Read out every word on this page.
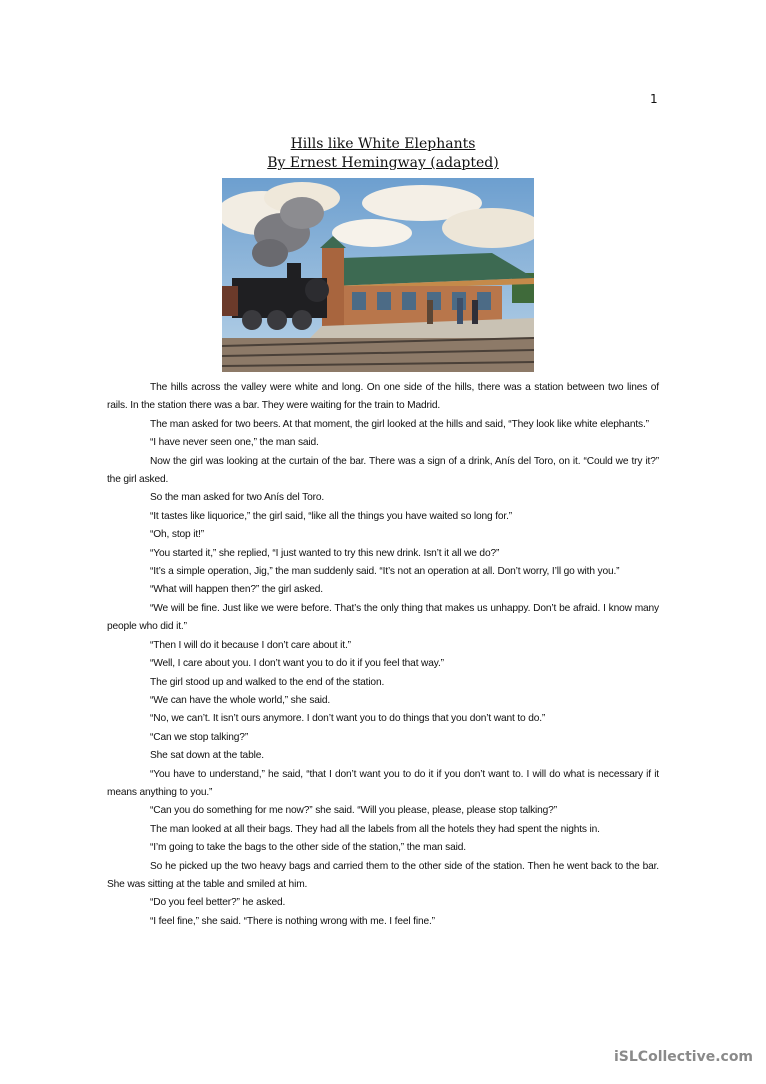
1
Hills like White Elephants
By Ernest Hemingway (adapted)

The hills across the valley were white and long. On one side of the hills, there was a station between two lines of rails. In the station there was a bar. They were waiting for the train to Madrid.

The man asked for two beers. At that moment, the girl looked at the hills and said, “They look like white elephants.”

“I have never seen one,” the man said.

Now the girl was looking at the curtain of the bar. There was a sign of a drink, Anís del Toro, on it. “Could we try it?” the girl asked.

So the man asked for two Anís del Toro.

“It tastes like liquorice,” the girl said, “like all the things you have waited so long for.”

“Oh, stop it!”

“You started it,” she replied, “I just wanted to try this new drink. Isn’t it all we do?”

“It’s a simple operation, Jig,” the man suddenly said. “It’s not an operation at all. Don’t worry, I’ll go with you.”

“What will happen then?” the girl asked.

“We will be fine. Just like we were before. That’s the only thing that makes us unhappy. Don’t be afraid. I know many people who did it.”

“Then I will do it because I don’t care about it.”

“Well, I care about you. I don’t want you to do it if you feel that way.”

The girl stood up and walked to the end of the station.

“We can have the whole world,” she said.

“No, we can’t. It isn’t ours anymore. I don’t want you to do things that you don’t want to do.”

“Can we stop talking?”

She sat down at the table.

“You have to understand,” he said, “that I don’t want you to do it if you don’t want to. I will do what is necessary if it means anything to you.”

“Can you do something for me now?” she said. “Will you please, please, please stop talking?”

The man looked at all their bags. They had all the labels from all the hotels they had spent the nights in.

“I’m going to take the bags to the other side of the station,” the man said.

So he picked up the two heavy bags and carried them to the other side of the station. Then he went back to the bar. She was sitting at the table and smiled at him.

“Do you feel better?” he asked.

“I feel fine,” she said. “There is nothing wrong with me. I feel fine.”

iSLCollective.com
